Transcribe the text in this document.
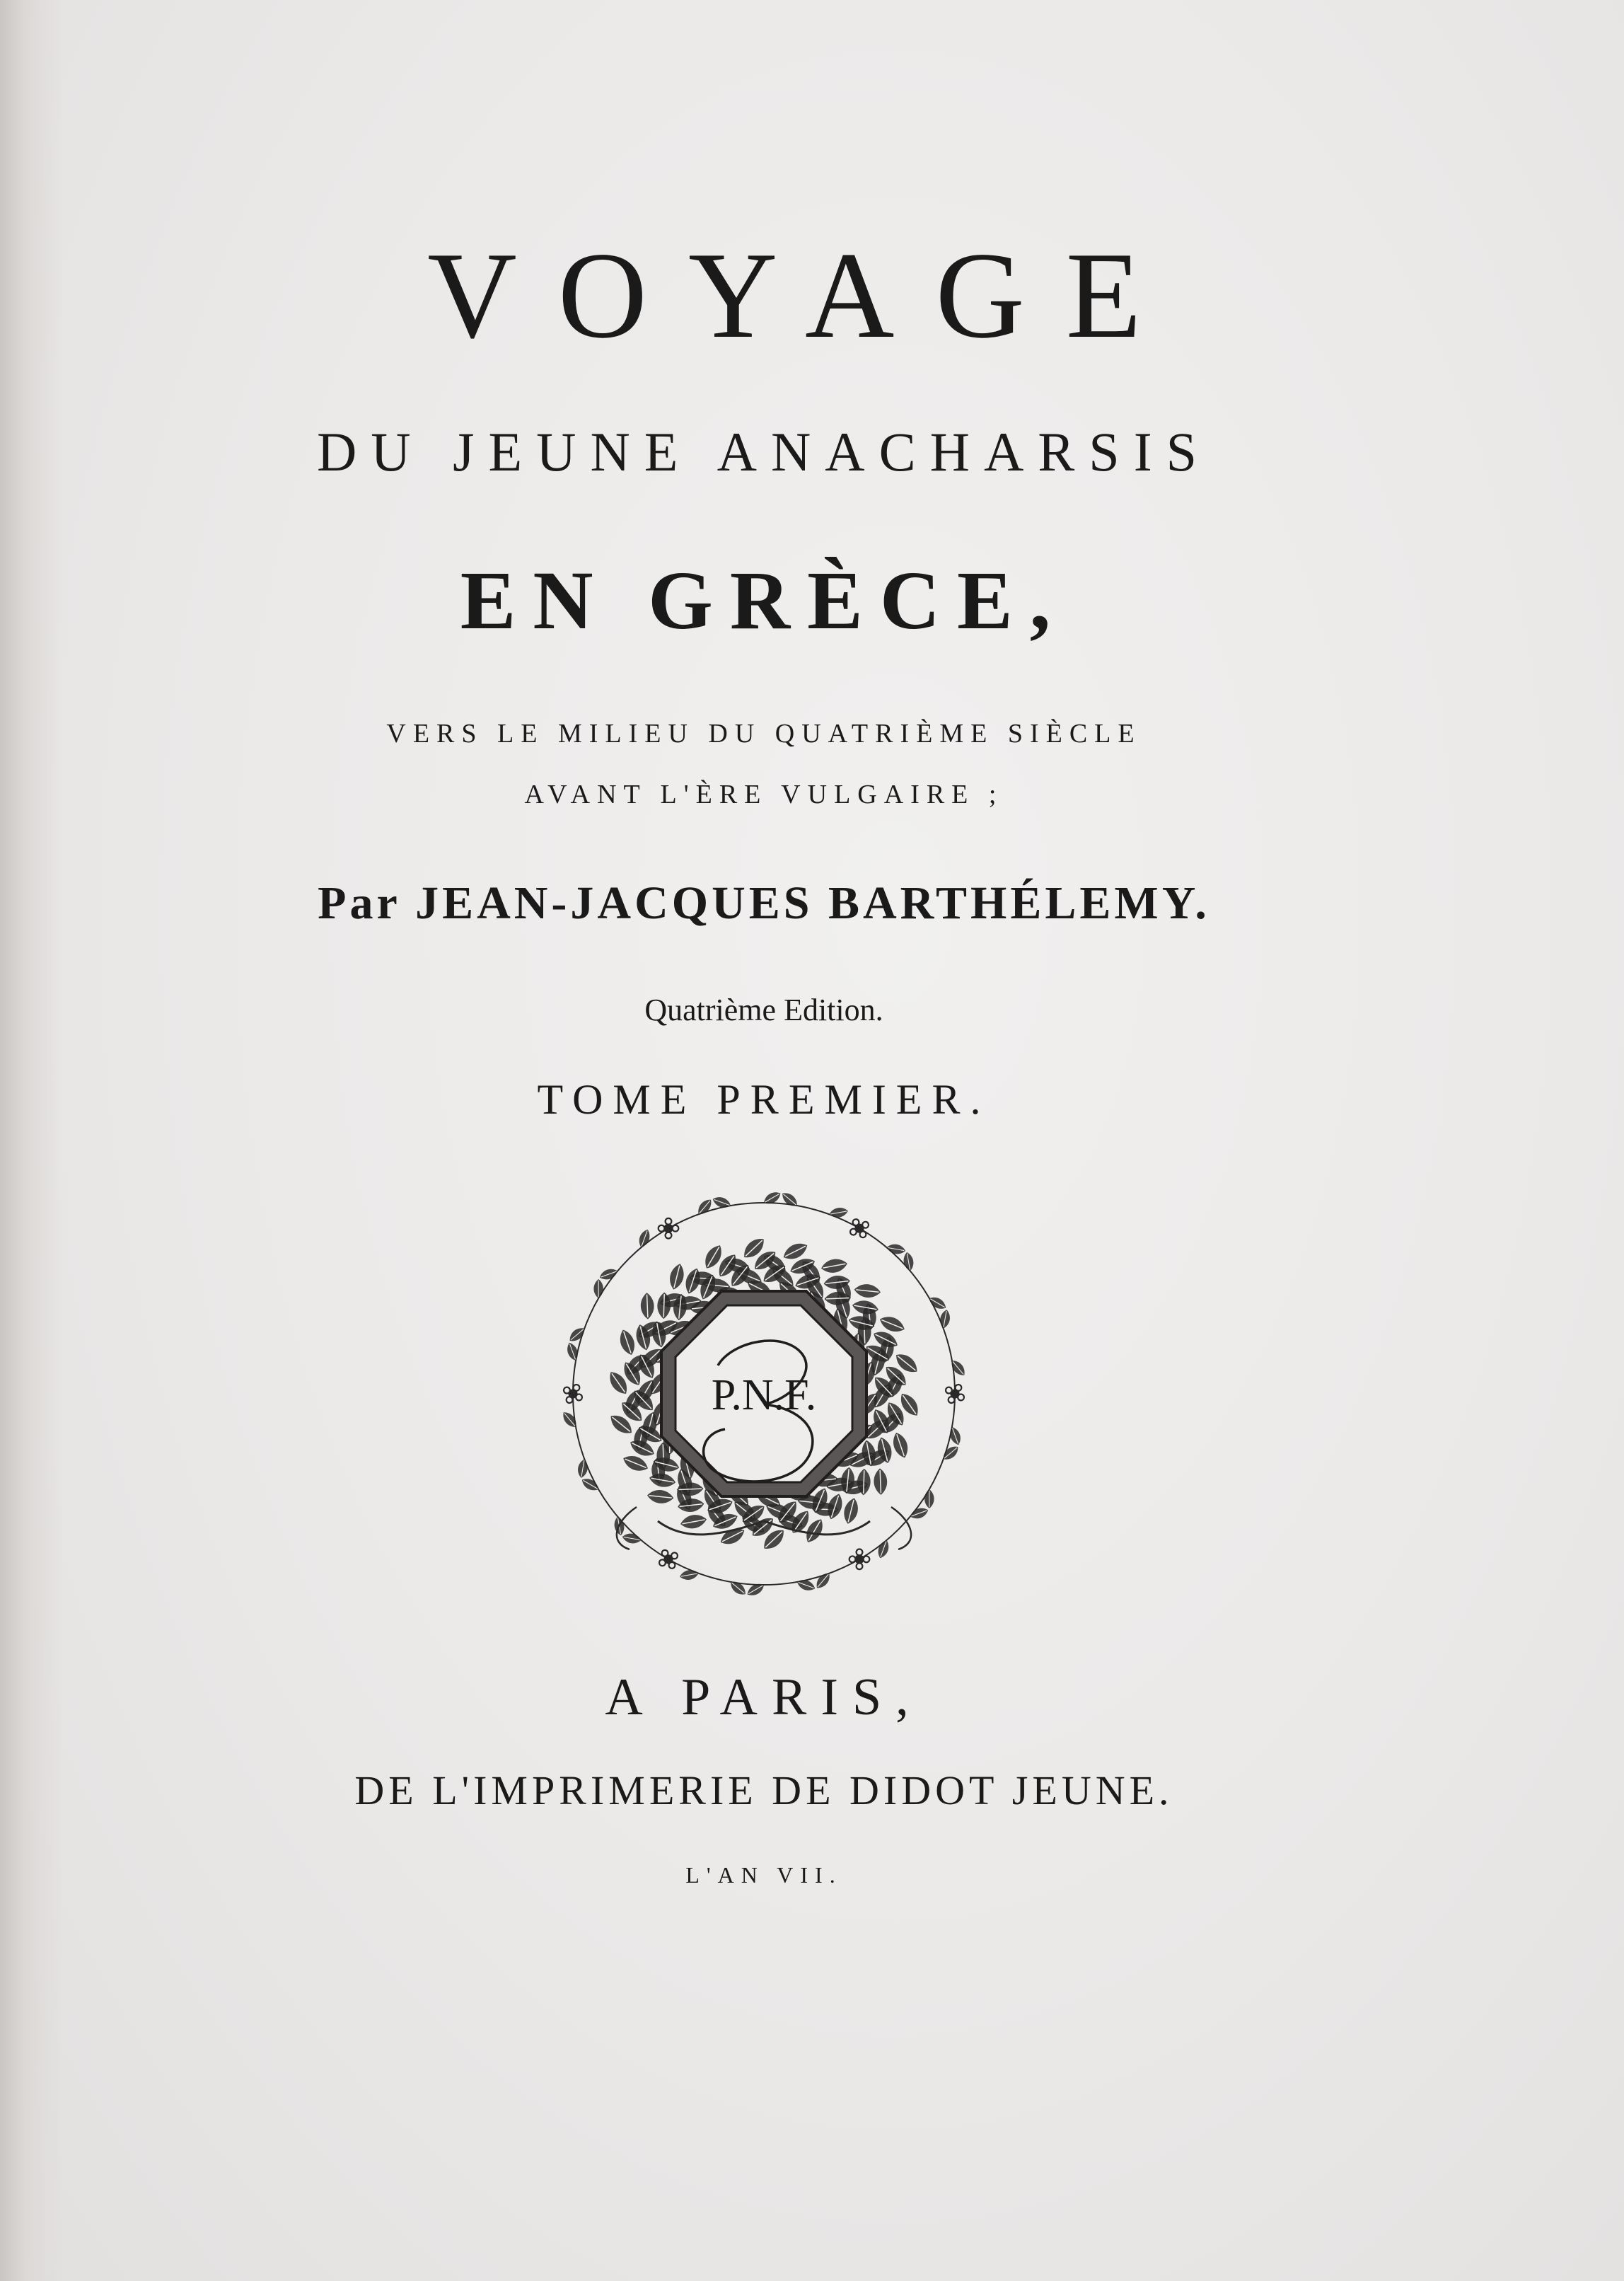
VOYAGE
DU JEUNE ANACHARSIS
EN GRÈCE,
VERS LE MILIEU DU QUATRIÈME SIÈCLE
AVANT L'ÈRE VULGAIRE ;
Par JEAN-JACQUES BARTHÉLEMY.
Quatrième Edition.
TOME PREMIER.
P.N.F.
A PARIS,
DE L'IMPRIMERIE DE DIDOT JEUNE.
L'AN VII.
